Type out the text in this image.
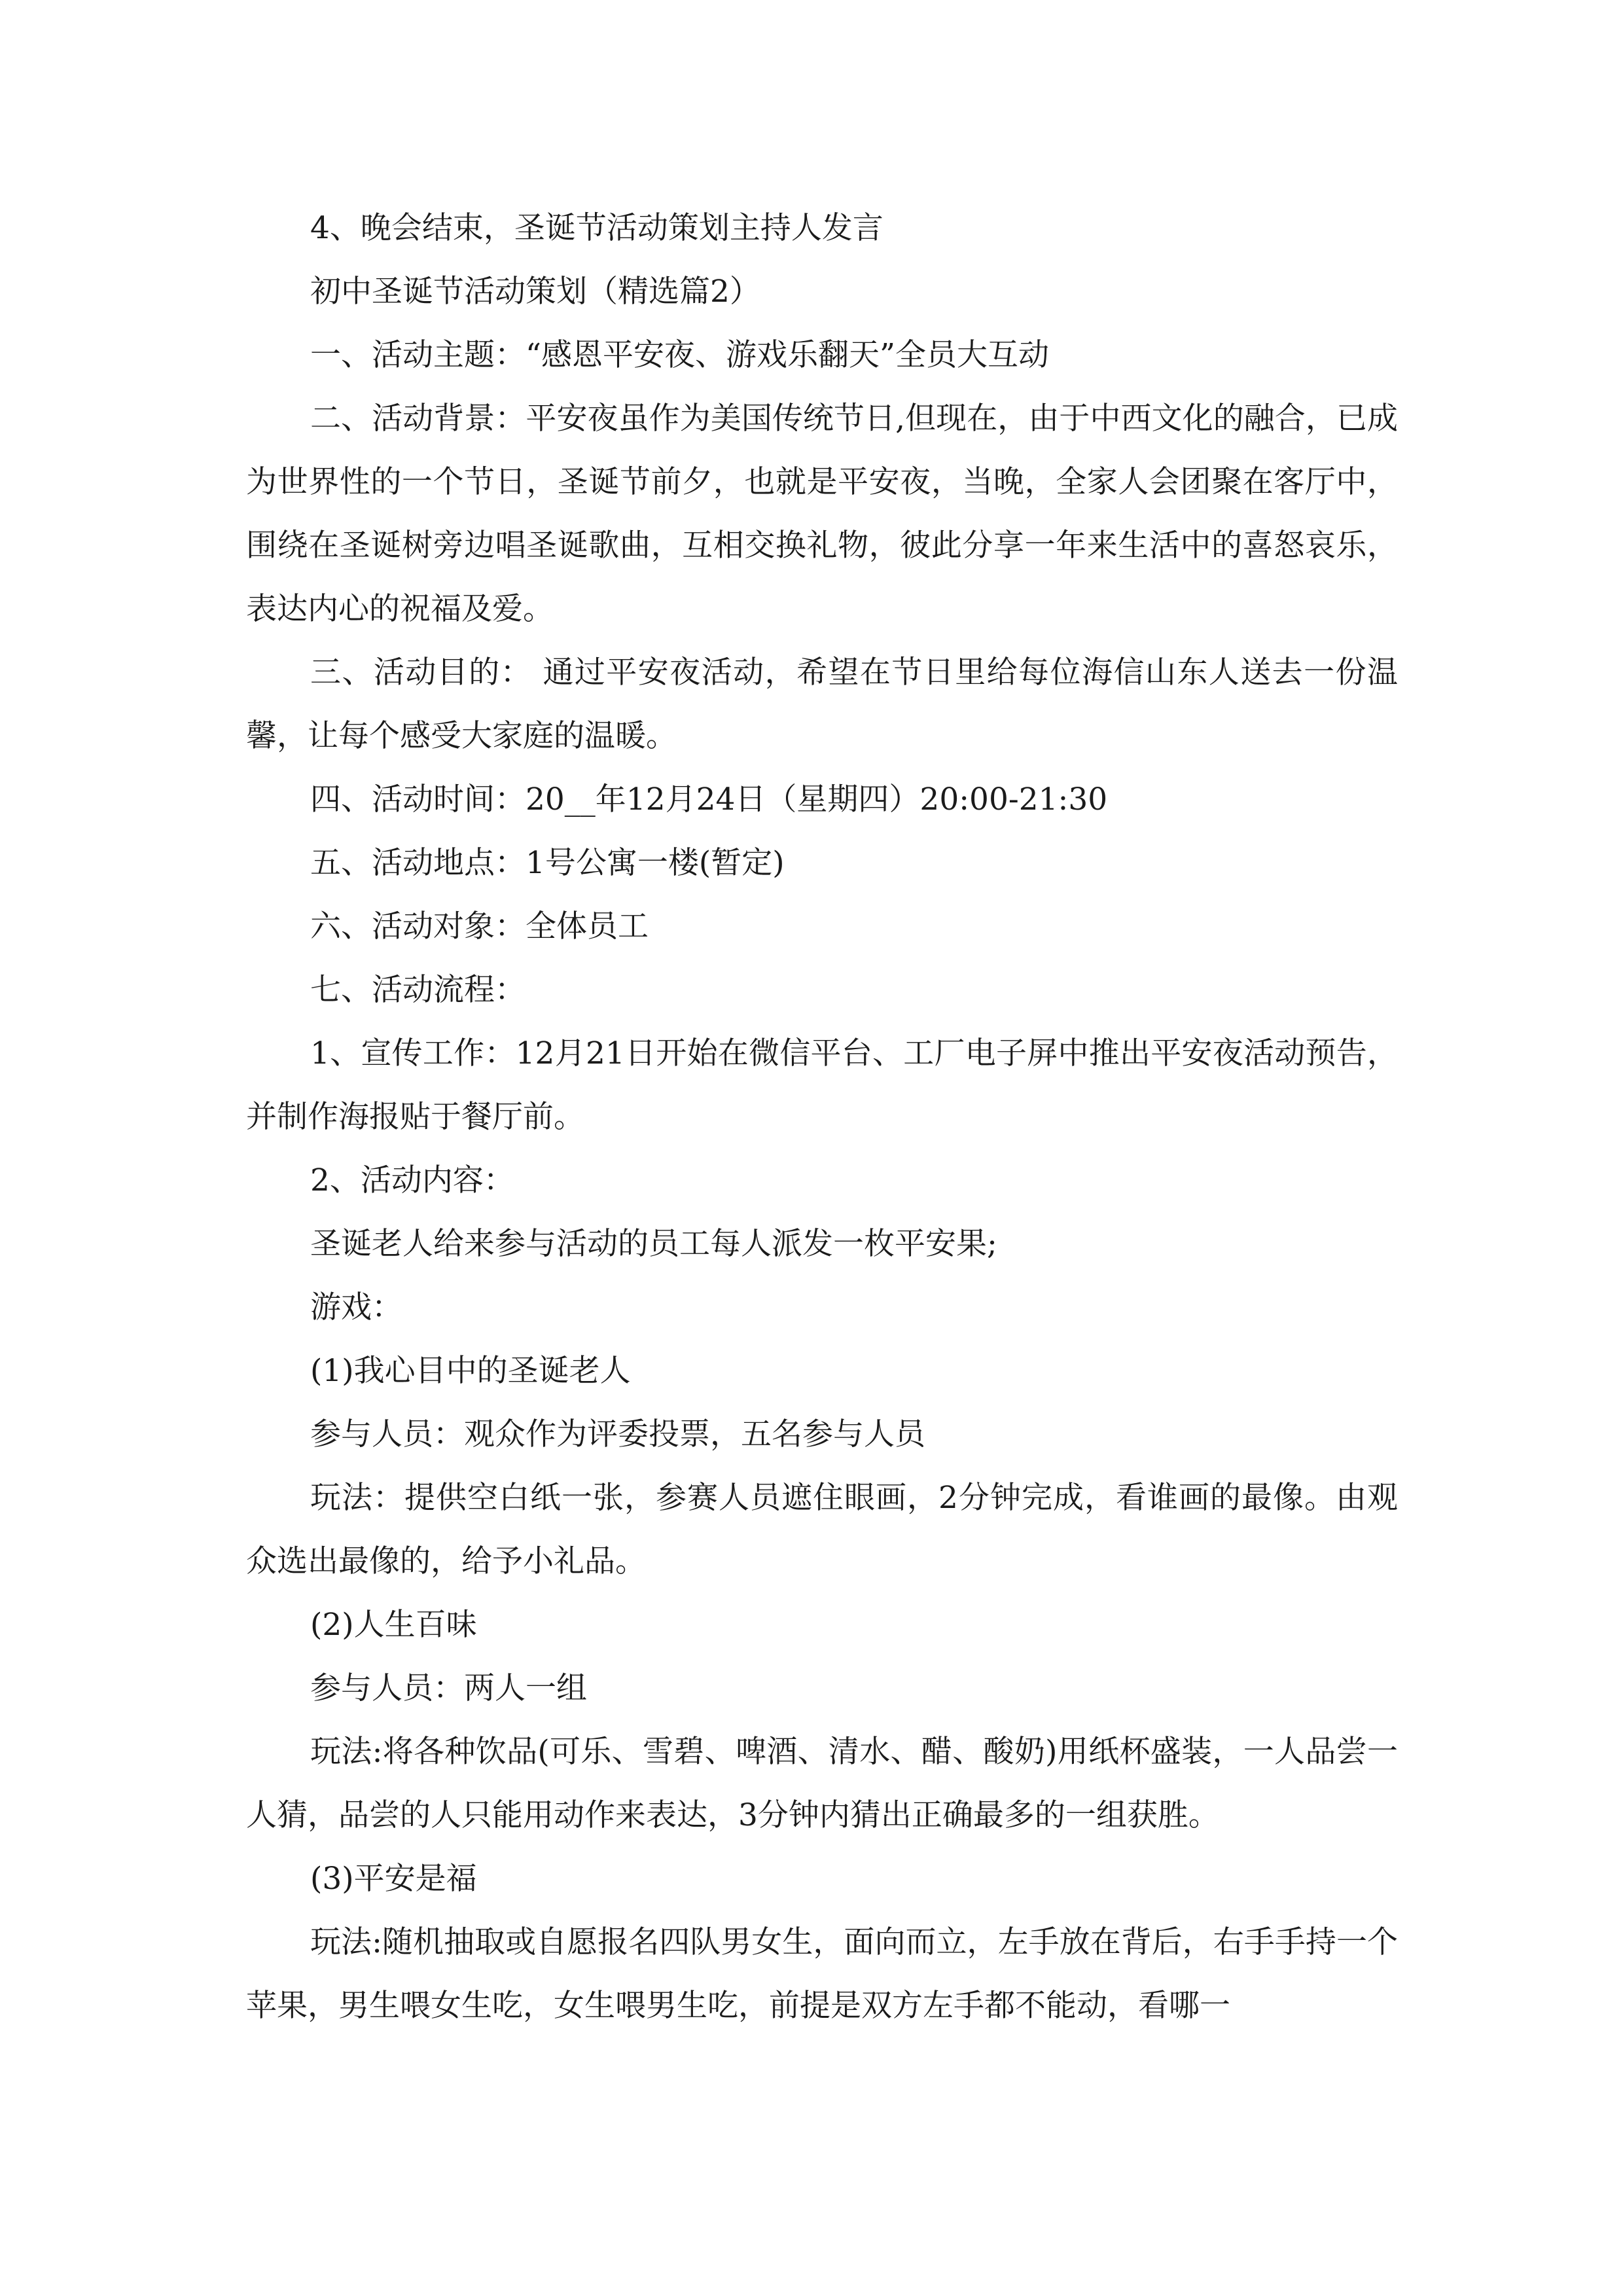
4、晚会结束，圣诞节活动策划主持人发言

初中圣诞节活动策划（精选篇2）

一、活动主题：“感恩平安夜、游戏乐翻天”全员大互动

二、活动背景：平安夜虽作为美国传统节日,但现在，由于中西文化的融合，已成为世界性的一个节日，圣诞节前夕，也就是平安夜，当晚，全家人会团聚在客厅中，围绕在圣诞树旁边唱圣诞歌曲，互相交换礼物，彼此分享一年来生活中的喜怒哀乐，表达内心的祝福及爱。

三、活动目的： 通过平安夜活动，希望在节日里给每位海信山东人送去一份温馨，让每个感受大家庭的温暖。

四、活动时间：20__年12月24日（星期四）20:00-21:30

五、活动地点：1号公寓一楼(暂定)

六、活动对象：全体员工

七、活动流程：

1、宣传工作：12月21日开始在微信平台、工厂电子屏中推出平安夜活动预告，并制作海报贴于餐厅前。

2、活动内容：

圣诞老人给来参与活动的员工每人派发一枚平安果;

游戏：

(1)我心目中的圣诞老人

参与人员：观众作为评委投票，五名参与人员

玩法：提供空白纸一张，参赛人员遮住眼画，2分钟完成，看谁画的最像。由观众选出最像的，给予小礼品。

(2)人生百味

参与人员：两人一组

玩法:将各种饮品(可乐、雪碧、啤酒、清水、醋、酸奶)用纸杯盛装，一人品尝一人猜，品尝的人只能用动作来表达，3分钟内猜出正确最多的一组获胜。

(3)平安是福

玩法:随机抽取或自愿报名四队男女生，面向而立，左手放在背后，右手手持一个苹果，男生喂女生吃，女生喂男生吃，前提是双方左手都不能动，看哪一
